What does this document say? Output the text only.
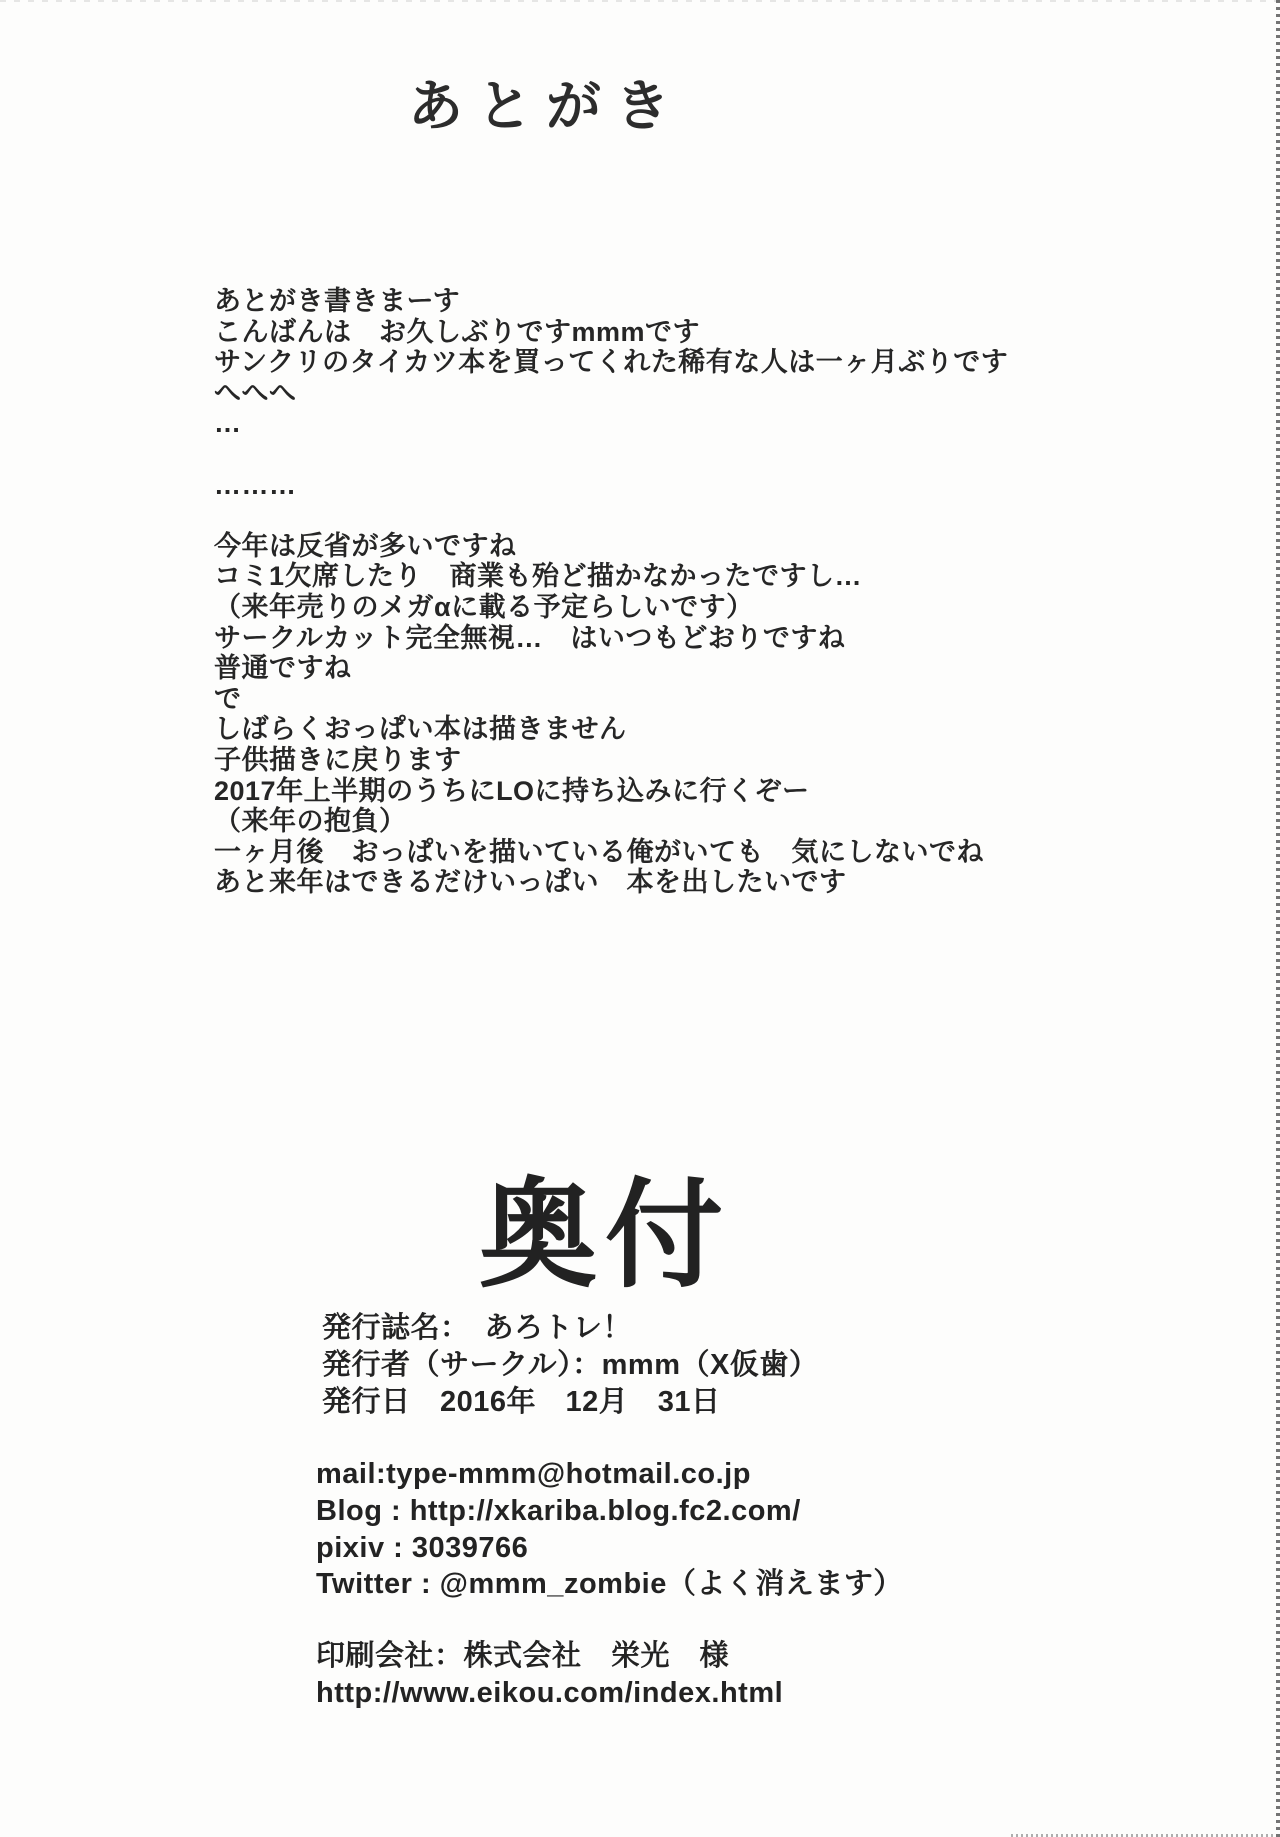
あとがき
あとがき書きまーす
こんばんは　お久しぶりですmmmです
サンクリのタイカツ本を買ってくれた稀有な人は一ヶ月ぶりです
へへへ
…

………

今年は反省が多いですね
コミ1欠席したり　商業も殆ど描かなかったですし…
（来年売りのメガαに載る予定らしいです）
サークルカット完全無視…　はいつもどおりですね
普通ですね
で
しばらくおっぱい本は描きません
子供描きに戻ります
2017年上半期のうちにLOに持ち込みに行くぞー
（来年の抱負）
一ヶ月後　おっぱいを描いている俺がいても　気にしないでね
あと来年はできるだけいっぱい　本を出したいです
奥付
発行誌名：　あろトレ！
発行者（サークル）：mmm（X仮歯）
発行日　2016年　12月　31日
mail:type-mmm@hotmail.co.jp
Blog : http://xkariba.blog.fc2.com/
pixiv : 3039766
Twitter : @mmm_zombie（よく消えます）
印刷会社：株式会社　栄光　様
http://www.eikou.com/index.html
